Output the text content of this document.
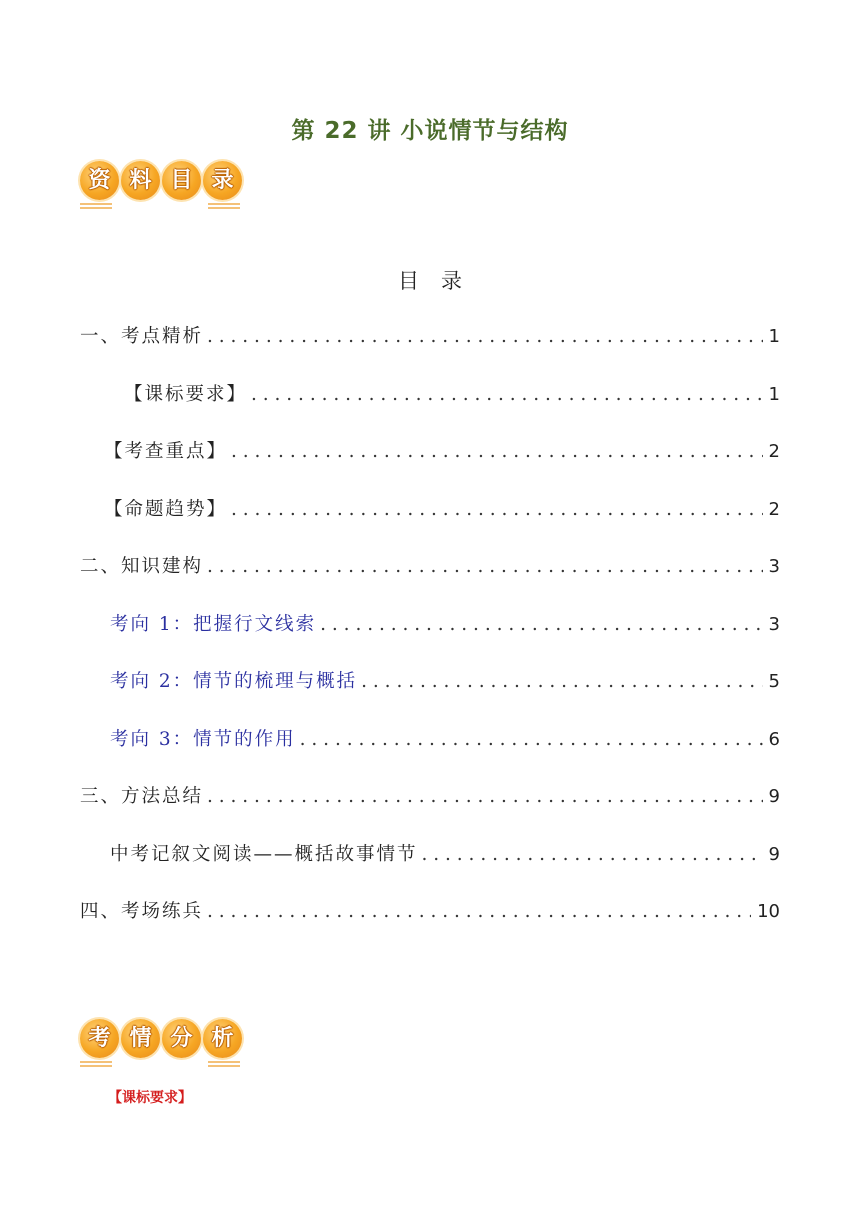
第 22 讲 小说情节与结构
资 料 目 录
目录
一、考点精析 . . .	1
【课标要求】 . . .	1
【考查重点】 . . .	2
【命题趋势】 . . .	2
二、知识建构 . . .	3
考向 1：把握行文线索 . . .	3
考向 2：情节的梳理与概括 . . .	5
考向 3：情节的作用 . . .	6
三、方法总结 . . .	9
中考记叙文阅读——概括故事情节 . . .	9
四、考场练兵 . . .	10
考 情 分 析
【课标要求】
